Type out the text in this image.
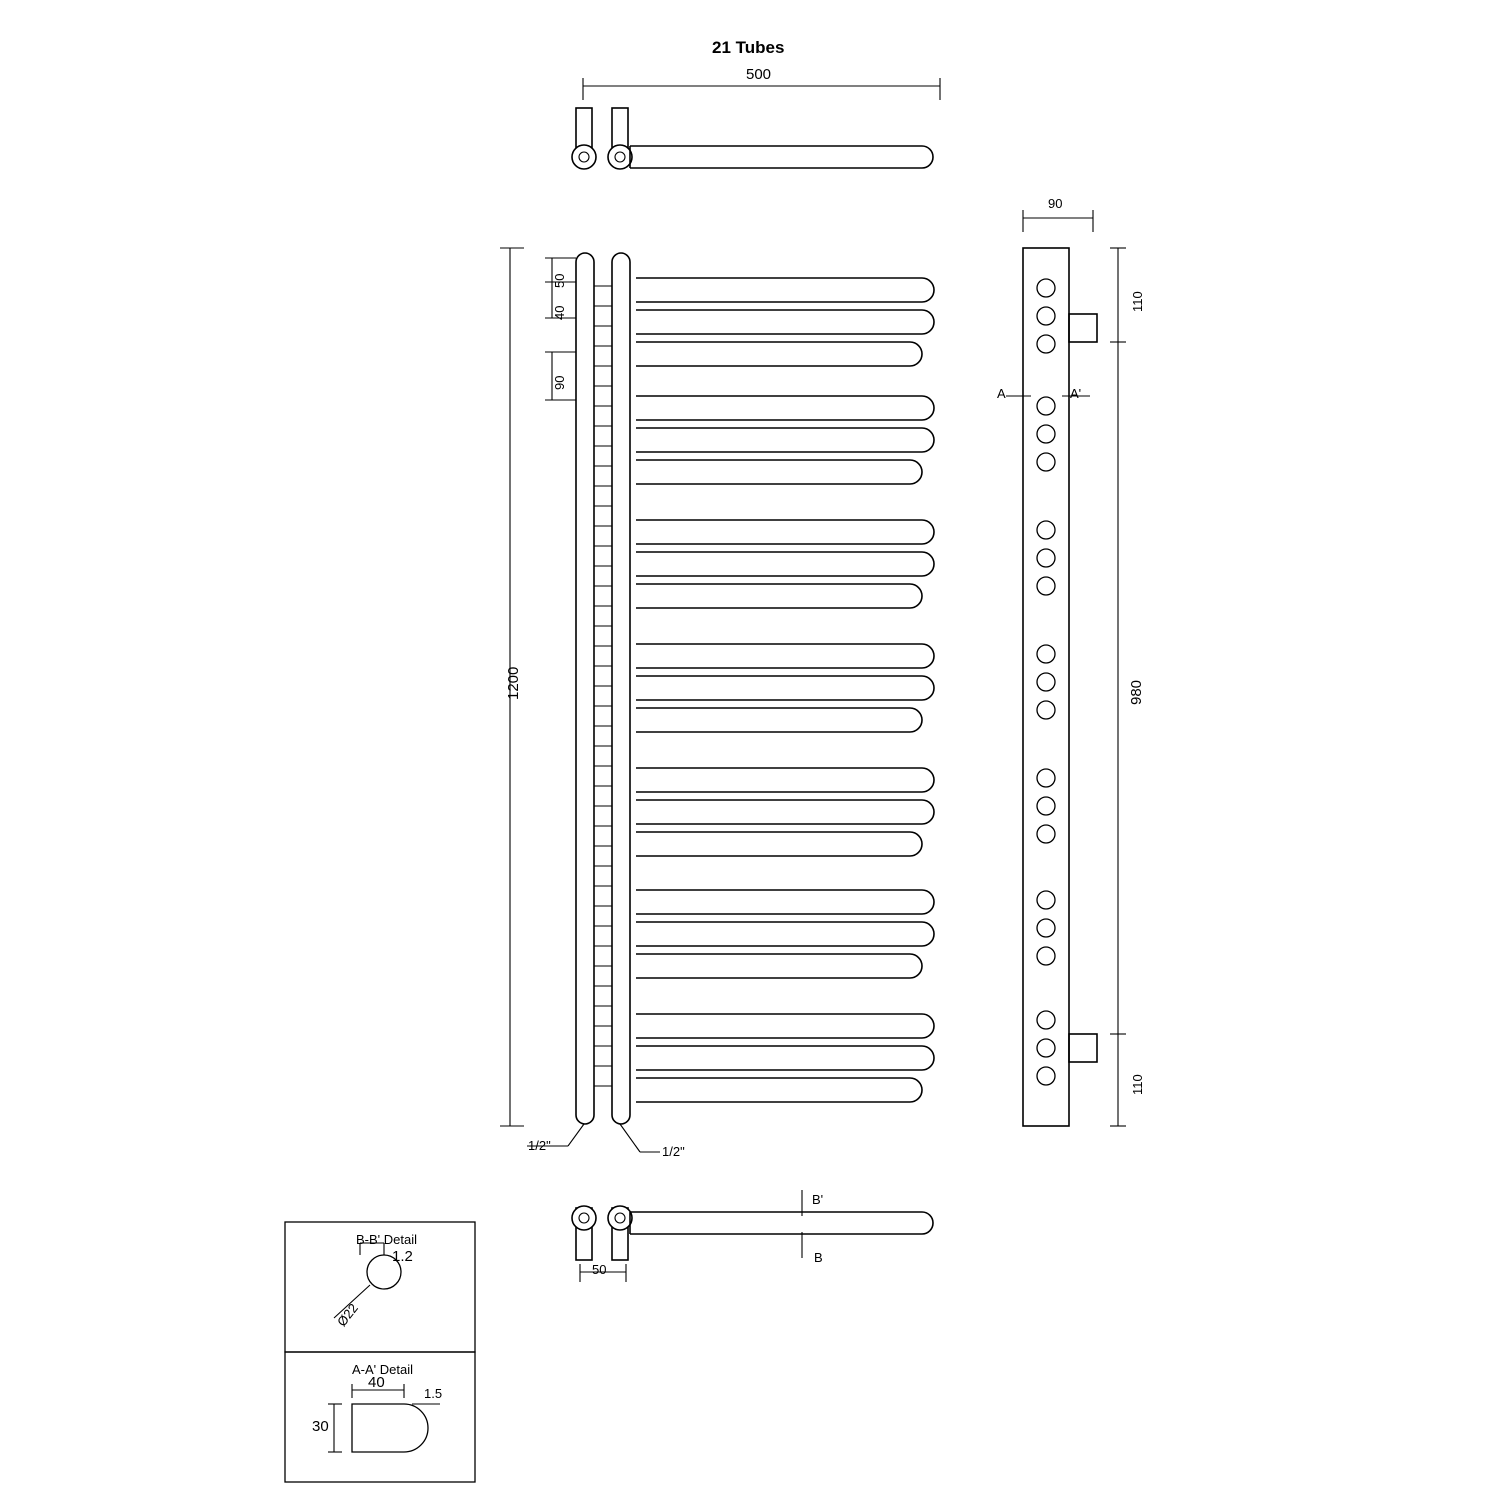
21 Tubes
500
1200
50
40
90
1/2"	1/2"
90
110
980
110
A	A'
50
B'
B
B-B' Detail
1.2
Ø22
A-A' Detail
40
1.5
30
